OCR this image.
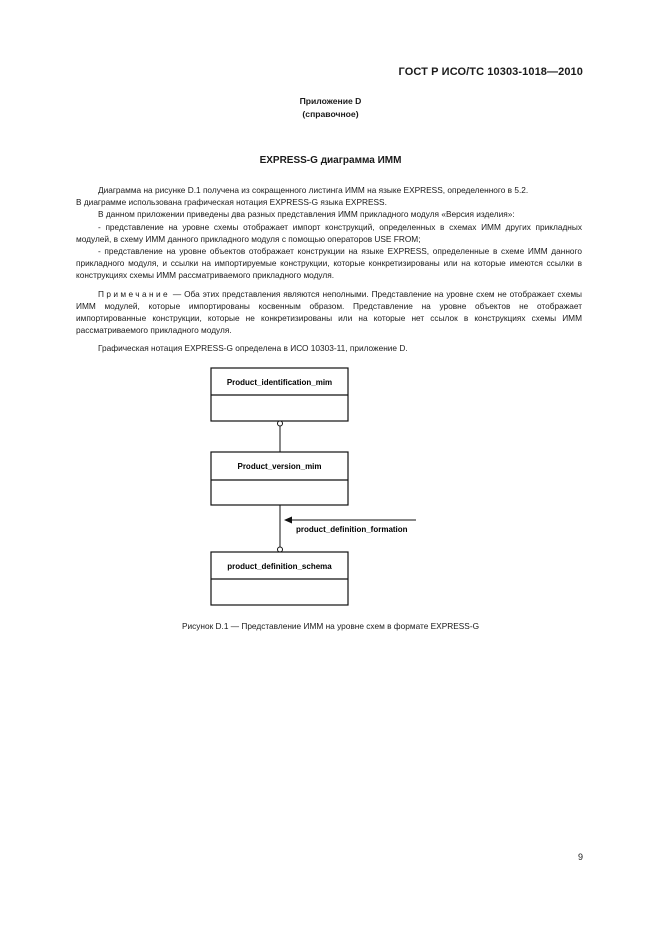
ГОСТ Р ИСО/ТС 10303-1018—2010
Приложение D
(справочное)
EXPRESS-G диаграмма ИММ

Диаграмма на рисунке D.1 получена из сокращенного листинга ИММ на языке EXPRESS, определенного в 5.2.

В диаграмме использована графическая нотация EXPRESS-G языка EXPRESS.

В данном приложении приведены два разных представления ИММ прикладного модуля «Версия изделия»:

- представление на уровне схемы отображает импорт конструкций, определенных в схемах ИММ других прикладных модулей, в схему ИММ данного прикладного модуля с помощью операторов USE FROM;

- представление на уровне объектов отображает конструкции на языке EXPRESS, определенные в схеме ИММ данного прикладного модуля, и ссылки на импортируемые конструкции, которые конкретизированы или на которые имеются ссылки в конструкциях схемы ИММ рассматриваемого прикладного модуля.

Примечание — Оба этих представления являются неполными. Представление на уровне схем не отображает схемы ИММ модулей, которые импортированы косвенным образом. Представление на уровне объектов не отображает импортированные конструкции, которые не конкретизированы или на которые нет ссылок в конструкциях схемы ИММ рассматриваемого прикладного модуля.

Графическая нотация EXPRESS-G определена в ИСО 10303-11, приложение D.

Product_identification_mim
Product_version_mim
product_definition_formation
product_definition_schema
Рисунок D.1 — Представление ИММ на уровне схем в формате EXPRESS-G
9
